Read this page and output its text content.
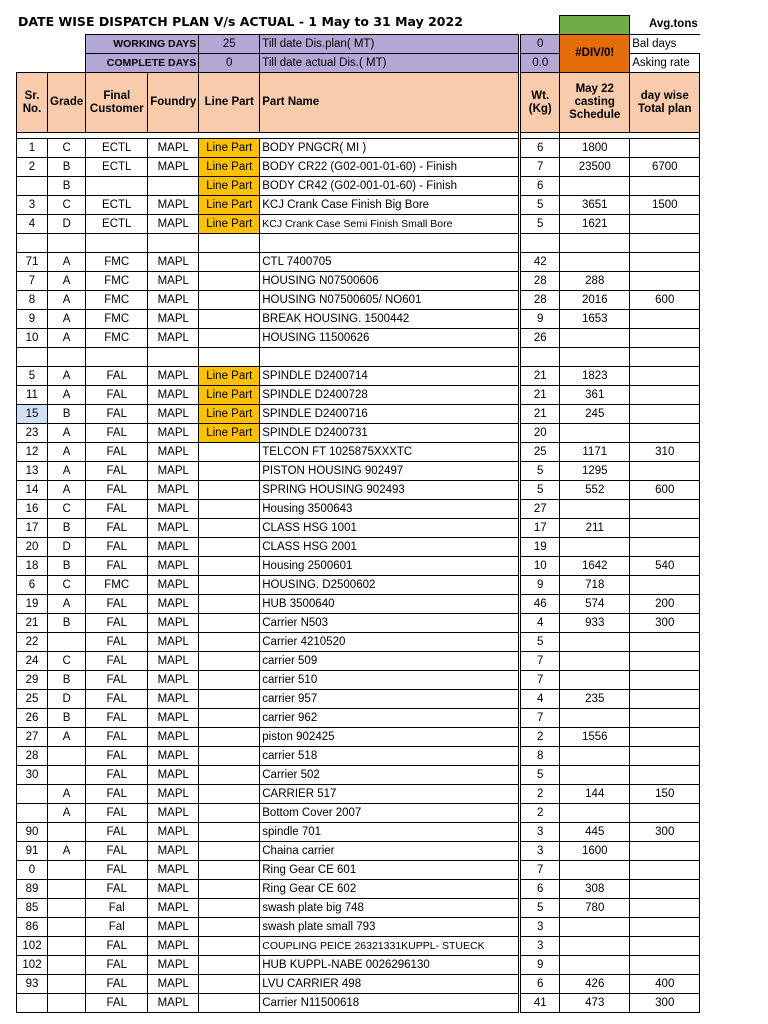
DATE WISE DISPATCH PLAN V/s ACTUAL - 1 May to 31 May 2022
								Avg.tons
		WORKING DAYS		25	Till date Dis.plan( MT)	0	#DIV/0!	Bal days
		COMPLETE DAYS		0	Till date actual Dis.( MT)	0.0		Asking rate
Sr. No.	Grade	Final Customer	Foundry	Line Part	Part Name	Wt. (Kg)	May 22 casting Schedule	day wise Total plan

1	C	ECTL	MAPL	Line Part	BODY PNGCR( MI )	6	1800	
2	B	ECTL	MAPL	Line Part	BODY CR22 (G02-001-01-60) - Finish	7	23500	6700
	B			Line Part	BODY CR42 (G02-001-01-60) - Finish	6		
3	C	ECTL	MAPL	Line Part	KCJ Crank Case Finish Big Bore	5	3651	1500
4	D	ECTL	MAPL	Line Part	KCJ Crank Case Semi Finish Small Bore	5	1621	

71	A	FMC	MAPL		CTL 7400705	42		
7	A	FMC	MAPL		HOUSING N07500606	28	288	
8	A	FMC	MAPL		HOUSING N07500605/ NO601	28	2016	600
9	A	FMC	MAPL		BREAK HOUSING. 1500442	9	1653	
10	A	FMC	MAPL		HOUSING 11500626	26		

5	A	FAL	MAPL	Line Part	SPINDLE D2400714	21	1823	
11	A	FAL	MAPL	Line Part	SPINDLE D2400728	21	361	
15	B	FAL	MAPL	Line Part	SPINDLE D2400716	21	245	
23	A	FAL	MAPL	Line Part	SPINDLE D2400731	20		
12	A	FAL	MAPL		TELCON FT 1025875XXXTC	25	1171	310
13	A	FAL	MAPL		PISTON HOUSING 902497	5	1295	
14	A	FAL	MAPL		SPRING HOUSING 902493	5	552	600
16	C	FAL	MAPL		Housing 3500643	27		
17	B	FAL	MAPL		CLASS HSG 1001	17	211	
20	D	FAL	MAPL		CLASS HSG 2001	19		
18	B	FAL	MAPL		Housing 2500601	10	1642	540
6	C	FMC	MAPL		HOUSING. D2500602	9	718	
19	A	FAL	MAPL		HUB 3500640	46	574	200
21	B	FAL	MAPL		Carrier N503	4	933	300
22		FAL	MAPL		Carrier 4210520	5		
24	C	FAL	MAPL		carrier 509	7		
29	B	FAL	MAPL		carrier 510	7		
25	D	FAL	MAPL		carrier 957	4	235	
26	B	FAL	MAPL		carrier 962	7		
27	A	FAL	MAPL		piston 902425	2	1556	
28		FAL	MAPL		carrier 518	8		
30		FAL	MAPL		Carrier 502	5		
	A	FAL	MAPL		CARRIER 517	2	144	150
	A	FAL	MAPL		Bottom Cover 2007	2		
90		FAL	MAPL		spindle 701	3	445	300
91	A	FAL	MAPL		Chaina carrier	3	1600	
0		FAL	MAPL		Ring Gear CE 601	7		
89		FAL	MAPL		Ring Gear CE 602	6	308	
85		Fal	MAPL		swash plate big 748	5	780	
86		Fal	MAPL		swash plate small 793	3		
102		FAL	MAPL		COUPLING PEICE 26321331KUPPL- STUECK	3		
102		FAL	MAPL		HUB KUPPL-NABE 0026296130	9		
93		FAL	MAPL		LVU CARRIER 498	6	426	400
		FAL	MAPL		Carrier N11500618	41	473	300
